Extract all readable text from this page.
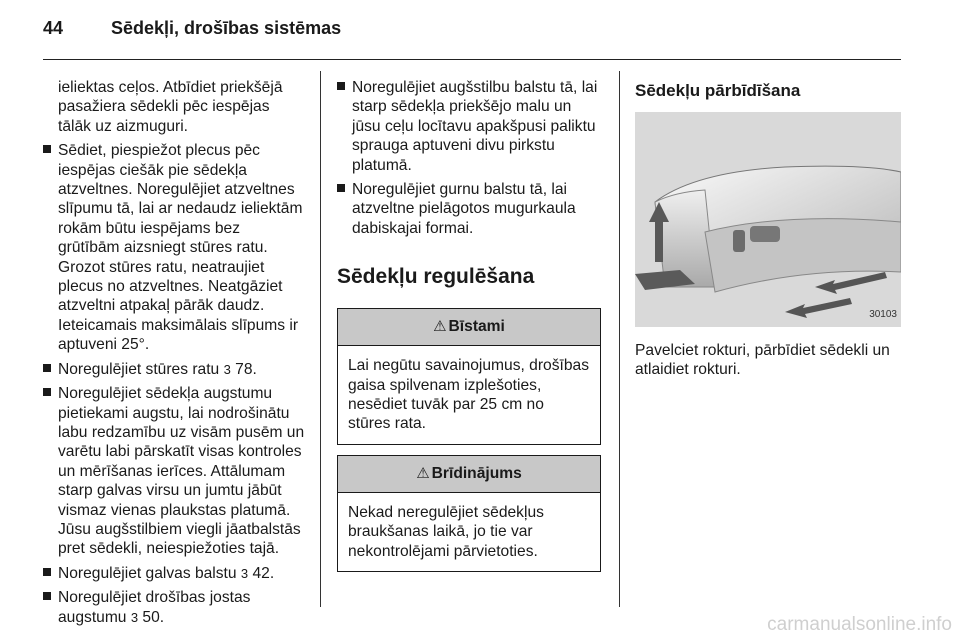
44	Sēdekļi, drošības sistēmas

ieliektas ceļos. Atbīdiet priekšējā pasažiera sēdekli pēc iespējas tālāk uz aizmuguri.

Sēdiet, piespiežot plecus pēc iespējas ciešāk pie sēdekļa atzveltnes. Noregulējiet atzveltnes slīpumu tā, lai ar nedaudz ieliektām rokām būtu iespējams bez grūtībām aizsniegt stūres ratu. Grozot stūres ratu, neatraujiet plecus no atzveltnes. Neatgāziet atzveltni atpakaļ pārāk daudz. Ieteicamais maksimālais slīpums ir aptuveni 25°.
Noregulējiet stūres ratu 3 78.
Noregulējiet sēdekļa augstumu pietiekami augstu, lai nodrošinātu labu redzamību uz visām pusēm un varētu labi pārskatīt visas kontroles un mērīšanas ierīces. Attālumam starp galvas virsu un jumtu jābūt vismaz vienas plaukstas platumā. Jūsu augšstilbiem viegli jāatbalstās pret sēdekli, neiespiežoties tajā.
Noregulējiet galvas balstu 3 42.
Noregulējiet drošības jostas augstumu 3 50.
Noregulējiet augšstilbu balstu tā, lai starp sēdekļa priekšējo malu un jūsu ceļu locītavu apakšpusi paliktu sprauga aptuveni divu pirkstu platumā.
Noregulējiet gurnu balstu tā, lai atzveltne pielāgotos mugurkaula dabiskajai formai.
Sēdekļu regulēšana
⚠ Bīstami
Lai negūtu savainojumus, drošības gaisa spilvenam izplešoties, nesēdiet tuvāk par 25 cm no stūres rata.
⚠ Brīdinājums
Nekad neregulējiet sēdekļus braukšanas laikā, jo tie var nekontrolējami pārvietoties.
Sēdekļu pārbīdīšana
30103

Pavelciet rokturi, pārbīdiet sēdekli un atlaidiet rokturi.

carmanualsonline.info
